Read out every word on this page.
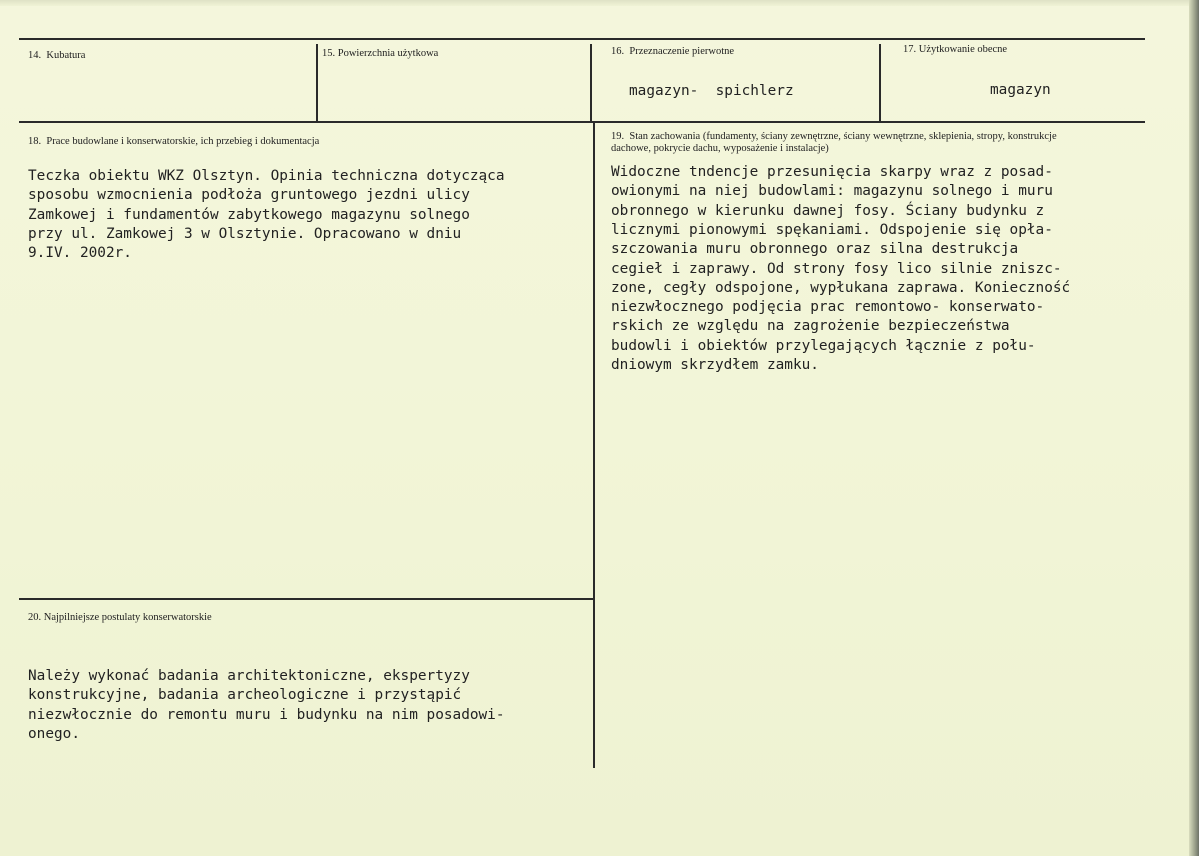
14.  Kubatura	15. Powierzchnia użytkowa	16.  Przeznaczenie pierwotne
magazyn-  spichlerz
17. Użytkowanie obecne
magazyn
18.  Prace budowlane i konserwatorskie, ich przebieg i dokumentacja
Teczka obiektu WKZ Olsztyn. Opinia techniczna dotycząca
sposobu wzmocnienia podłoża gruntowego jezdni ulicy
Zamkowej i fundamentów zabytkowego magazynu solnego
przy ul. Zamkowej 3 w Olsztynie. Opracowano w dniu
9.IV. 2002r.
19.  Stan zachowania (fundamenty, ściany zewnętrzne, ściany wewnętrzne, sklepienia, stropy, konstrukcje
dachowe, pokrycie dachu, wyposażenie i instalacje)
Widoczne tndencje przesunięcia skarpy wraz z posad-
owionymi na niej budowlami: magazynu solnego i muru
obronnego w kierunku dawnej fosy. Ściany budynku z
licznymi pionowymi spękaniami. Odspojenie się opła-
szczowania muru obronnego oraz silna destrukcja
cegieł i zaprawy. Od strony fosy lico silnie zniszc-
zone, cegły odspojone, wypłukana zaprawa. Konieczność
niezwłocznego podjęcia prac remontowo- konserwato-
rskich ze względu na zagrożenie bezpieczeństwa
budowli i obiektów przylegających łącznie z połu-
dniowym skrzydłem zamku.
20. Najpilniejsze postulaty konserwatorskie
Należy wykonać badania architektoniczne, ekspertyzy
konstrukcyjne, badania archeologiczne i przystąpić
niezwłocznie do remontu muru i budynku na nim posadowi-
onego.
